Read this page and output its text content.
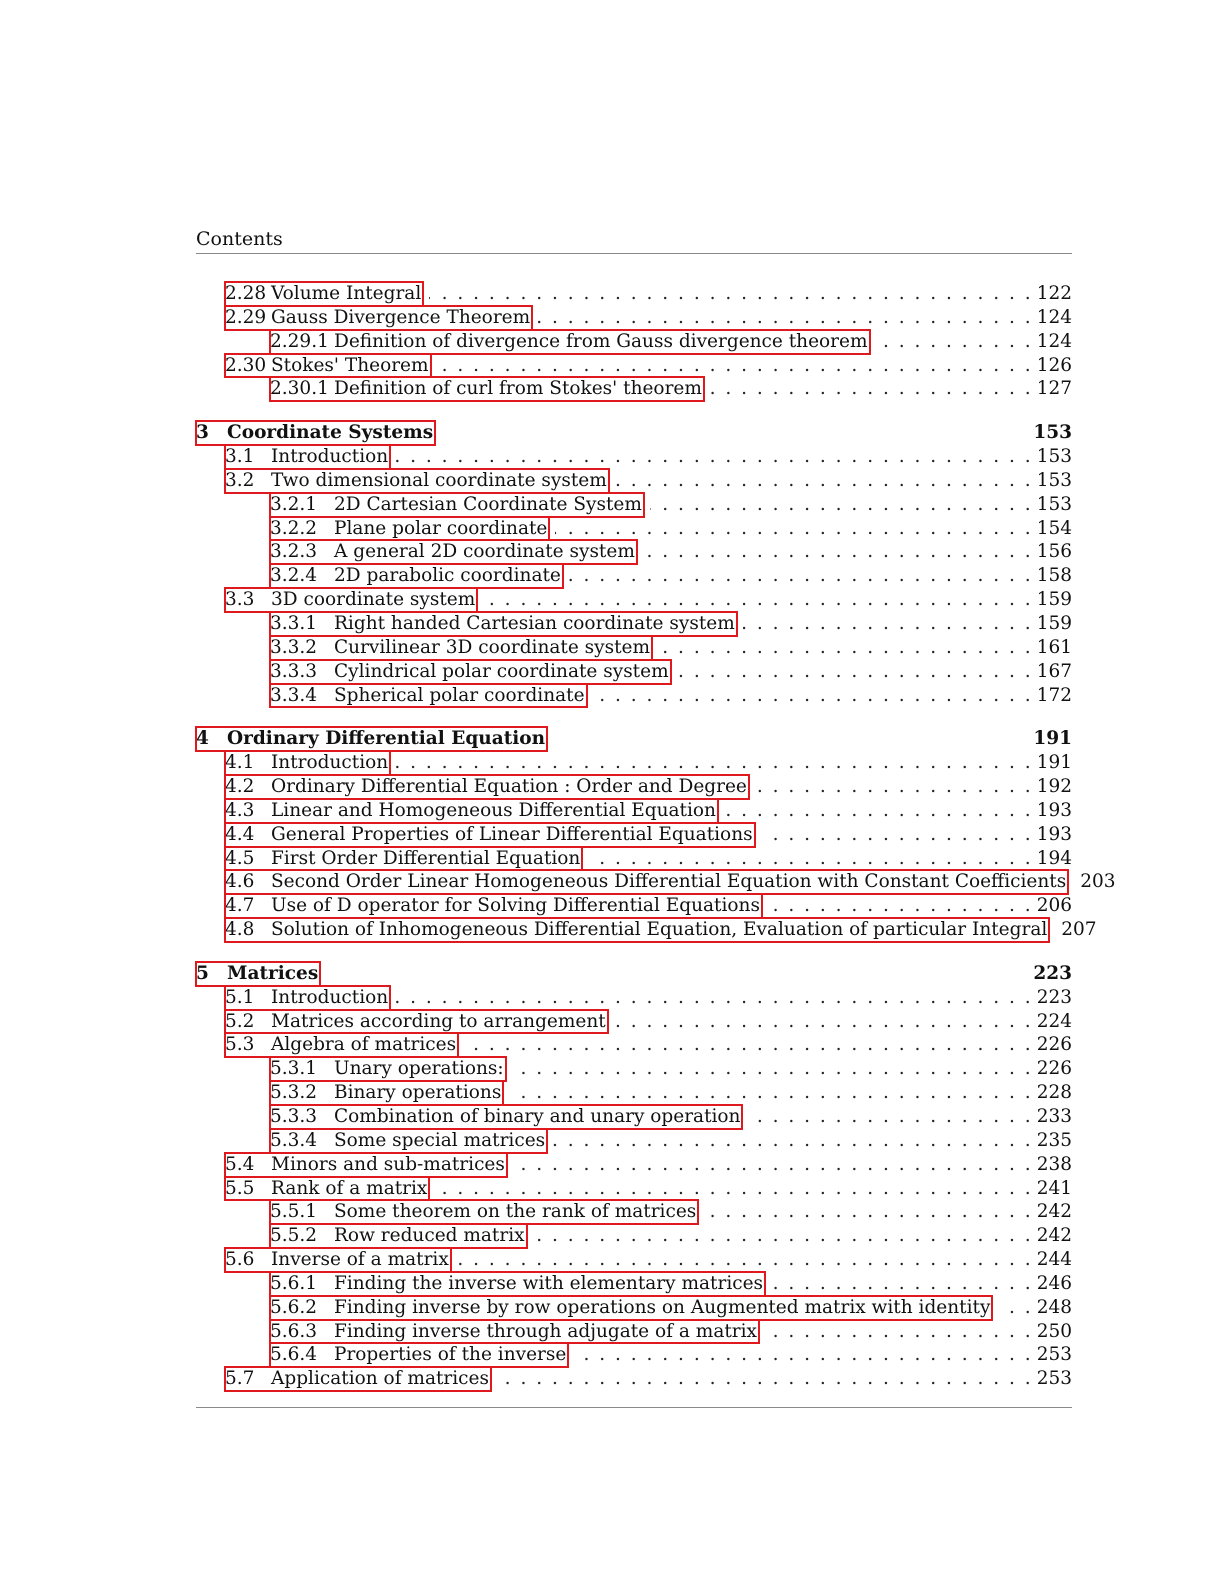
Contents
2.28 Volume Integral . . .	122
2.29 Gauss Divergence Theorem . . .	124
2.29.1 Definition of divergence from Gauss divergence theorem . . .	124
2.30 Stokes' Theorem . . .	126
2.30.1 Definition of curl from Stokes' theorem . . .	127
3 Coordinate Systems	153
3.1 Introduction . . .	153
3.2 Two dimensional coordinate system . . .	153
3.2.1 2D Cartesian Coordinate System . . .	153
3.2.2 Plane polar coordinate . . .	154
3.2.3 A general 2D coordinate system . . .	156
3.2.4 2D parabolic coordinate . . .	158
3.3 3D coordinate system . . .	159
3.3.1 Right handed Cartesian coordinate system . . .	159
3.3.2 Curvilinear 3D coordinate system . . .	161
3.3.3 Cylindrical polar coordinate system . . .	167
3.3.4 Spherical polar coordinate . . .	172
4 Ordinary Differential Equation	191
4.1 Introduction . . .	191
4.2 Ordinary Differential Equation : Order and Degree . . .	192
4.3 Linear and Homogeneous Differential Equation . . .	193
4.4 General Properties of Linear Differential Equations . . .	193
4.5 First Order Differential Equation . . .	194
4.6 Second Order Linear Homogeneous Differential Equation with Constant Coefficients 203
4.7 Use of D operator for Solving Differential Equations . . .	206
4.8 Solution of Inhomogeneous Differential Equation, Evaluation of particular Integral 207
5 Matrices	223
5.1 Introduction . . .	223
5.2 Matrices according to arrangement . . .	224
5.3 Algebra of matrices . . .	226
5.3.1 Unary operations: . . .	226
5.3.2 Binary operations . . .	228
5.3.3 Combination of binary and unary operation . . .	233
5.3.4 Some special matrices . . .	235
5.4 Minors and sub-matrices . . .	238
5.5 Rank of a matrix . . .	241
5.5.1 Some theorem on the rank of matrices . . .	242
5.5.2 Row reduced matrix . . .	242
5.6 Inverse of a matrix . . .	244
5.6.1 Finding the inverse with elementary matrices . . .	246
5.6.2 Finding inverse by row operations on Augmented matrix with identity . . .	248
5.6.3 Finding inverse through adjugate of a matrix . . .	250
5.6.4 Properties of the inverse . . .	253
5.7 Application of matrices . . .	253
